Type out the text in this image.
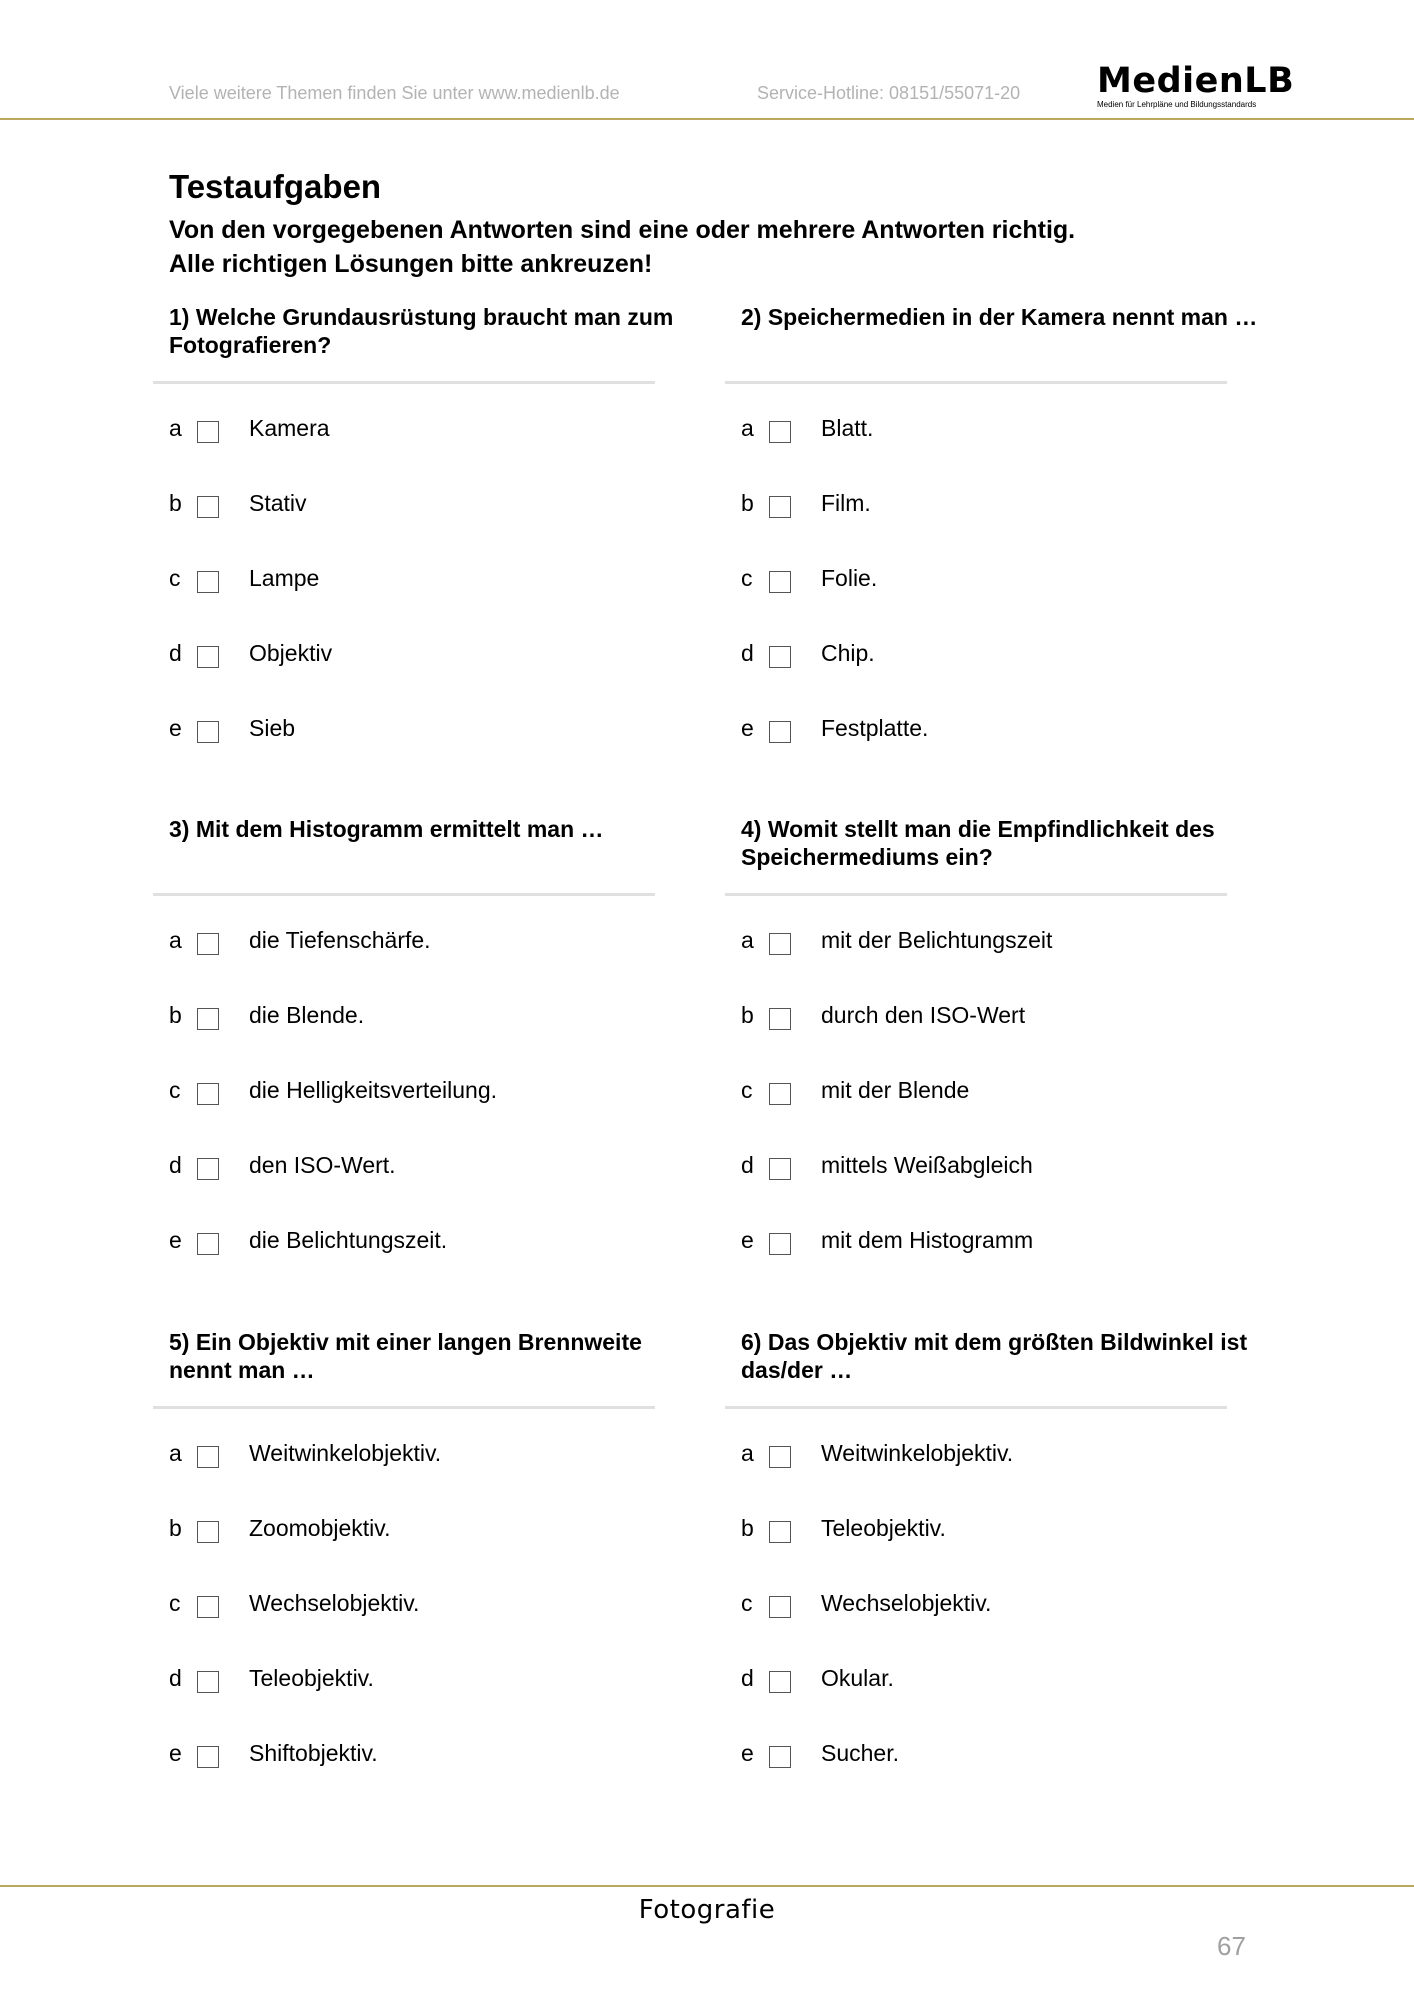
Viele weitere Themen finden Sie unter www.medienlb.de	Service-Hotline: 08151/55071-20 MedienLB
Medien für Lehrpläne und Bildungsstandards
Testaufgaben
Von den vorgegebenen Antworten sind eine oder mehrere Antworten richtig.
Alle richtigen Lösungen bitte ankreuzen!
1) Welche Grundausrüstung braucht man zum Fotografieren?
a	Kamera
b	Stativ
c	Lampe
d	Objektiv
e	Sieb
2) Speichermedien in der Kamera nennt man …
a	Blatt.
b	Film.
c	Folie.
d	Chip.
e	Festplatte.
3) Mit dem Histogramm ermittelt man …
a	die Tiefenschärfe.
b	die Blende.
c	die Helligkeitsverteilung.
d	den ISO-Wert.
e	die Belichtungszeit.
4) Womit stellt man die Empfindlichkeit des Speichermediums ein?
a	mit der Belichtungszeit
b	durch den ISO-Wert
c	mit der Blende
d	mittels Weißabgleich
e	mit dem Histogramm
5) Ein Objektiv mit einer langen Brennweite nennt man …
a	Weitwinkelobjektiv.
b	Zoomobjektiv.
c	Wechselobjektiv.
d	Teleobjektiv.
e	Shiftobjektiv.
6) Das Objektiv mit dem größten Bildwinkel ist das/der …
a	Weitwinkelobjektiv.
b	Teleobjektiv.
c	Wechselobjektiv.
d	Okular.
e	Sucher.
Fotografie
67
